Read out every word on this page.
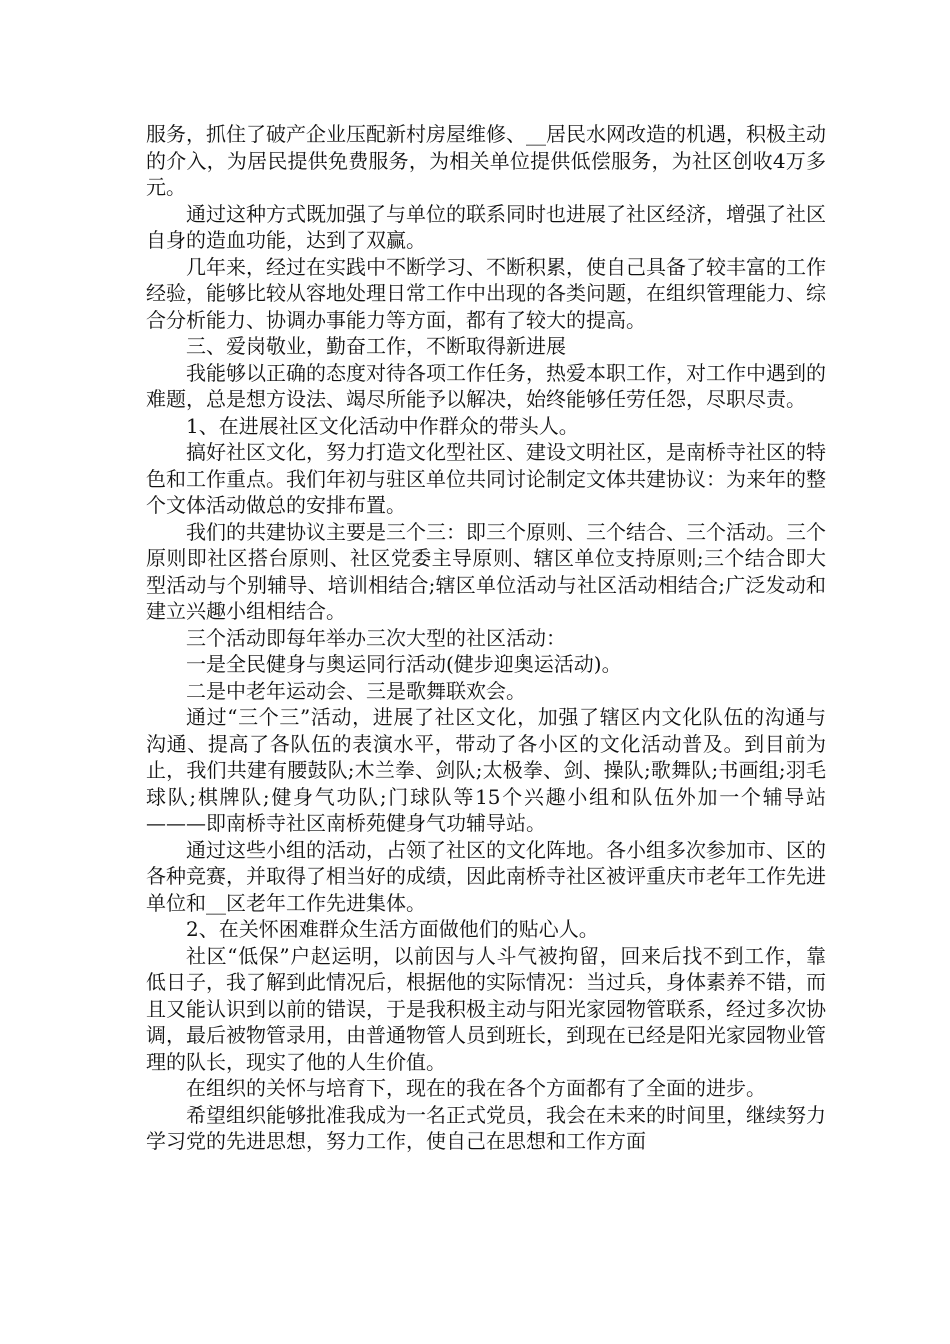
服务，抓住了破产企业压配新村房屋维修、__居民水网改造的机遇，积极主动的介入，为居民提供免费服务，为相关单位提供低偿服务，为社区创收4万多元。

通过这种方式既加强了与单位的联系同时也进展了社区经济，增强了社区自身的造血功能，达到了双赢。

几年来，经过在实践中不断学习、不断积累，使自己具备了较丰富的工作经验，能够比较从容地处理日常工作中出现的各类问题，在组织管理能力、综合分析能力、协调办事能力等方面，都有了较大的提高。

三、爱岗敬业，勤奋工作，不断取得新进展

我能够以正确的态度对待各项工作任务，热爱本职工作，对工作中遇到的难题，总是想方设法、竭尽所能予以解决，始终能够任劳任怨，尽职尽责。

1、在进展社区文化活动中作群众的带头人。

搞好社区文化，努力打造文化型社区、建设文明社区，是南桥寺社区的特色和工作重点。我们年初与驻区单位共同讨论制定文体共建协议：为来年的整个文体活动做总的安排布置。

我们的共建协议主要是三个三：即三个原则、三个结合、三个活动。三个原则即社区搭台原则、社区党委主导原则、辖区单位支持原则;三个结合即大型活动与个别辅导、培训相结合;辖区单位活动与社区活动相结合;广泛发动和建立兴趣小组相结合。

三个活动即每年举办三次大型的社区活动：

一是全民健身与奥运同行活动(健步迎奥运活动)。

二是中老年运动会、三是歌舞联欢会。

通过“三个三”活动，进展了社区文化，加强了辖区内文化队伍的沟通与沟通、提高了各队伍的表演水平，带动了各小区的文化活动普及。到目前为止，我们共建有腰鼓队;木兰拳、剑队;太极拳、剑、操队;歌舞队;书画组;羽毛球队;棋牌队;健身气功队;门球队等15个兴趣小组和队伍外加一个辅导站———即南桥寺社区南桥苑健身气功辅导站。

通过这些小组的活动，占领了社区的文化阵地。各小组多次参加市、区的各种竞赛，并取得了相当好的成绩，因此南桥寺社区被评重庆市老年工作先进单位和__区老年工作先进集体。

2、在关怀困难群众生活方面做他们的贴心人。

社区“低保”户赵运明，以前因与人斗气被拘留，回来后找不到工作，靠低日子，我了解到此情况后，根据他的实际情况：当过兵，身体素养不错，而且又能认识到以前的错误，于是我积极主动与阳光家园物管联系，经过多次协调，最后被物管录用，由普通物管人员到班长，到现在已经是阳光家园物业管理的队长，现实了他的人生价值。

在组织的关怀与培育下，现在的我在各个方面都有了全面的进步。

希望组织能够批准我成为一名正式党员，我会在未来的时间里，继续努力学习党的先进思想，努力工作，使自己在思想和工作方面
